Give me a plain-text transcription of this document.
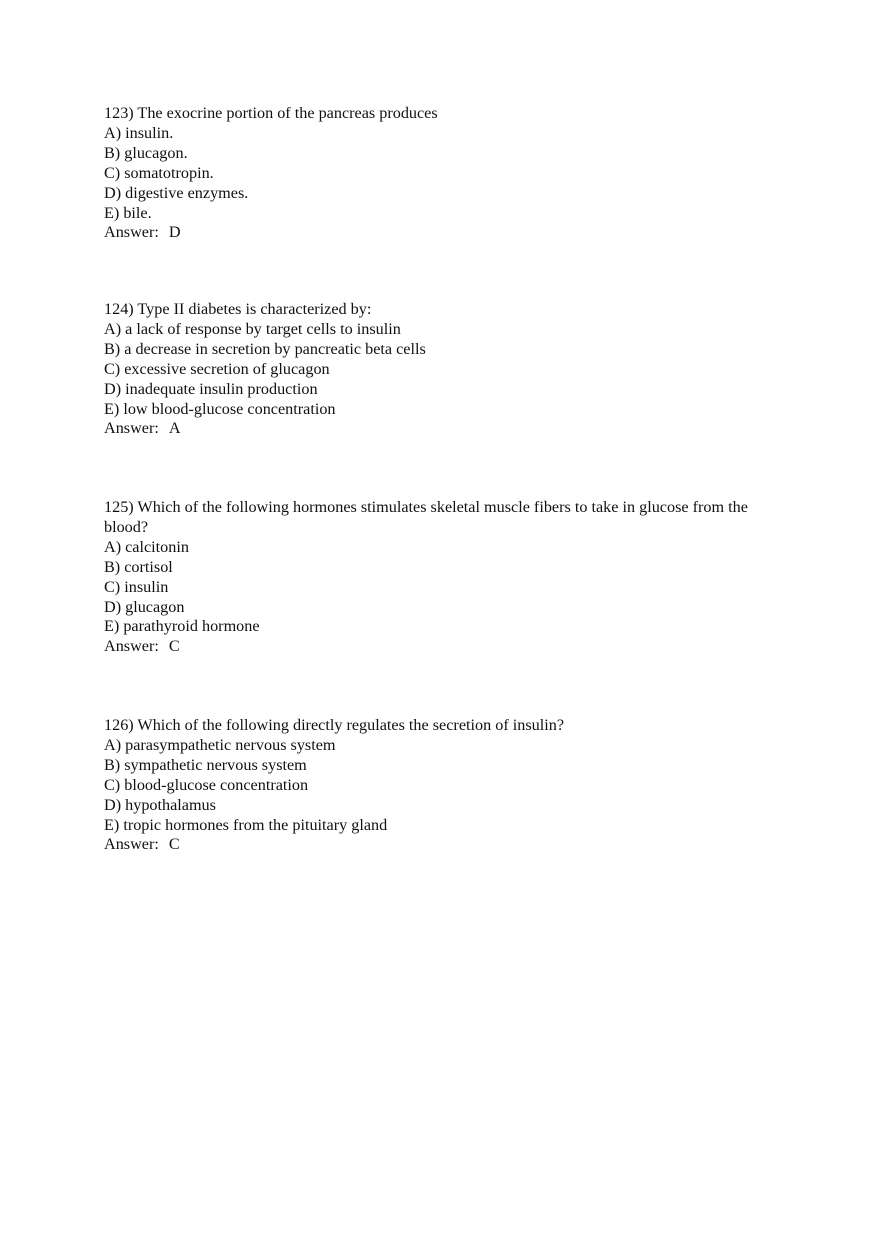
123) The exocrine portion of the pancreas produces
A) insulin.
B) glucagon.
C) somatotropin.
D) digestive enzymes.
E) bile.
Answer: D
124) Type II diabetes is characterized by:
A) a lack of response by target cells to insulin
B) a decrease in secretion by pancreatic beta cells
C) excessive secretion of glucagon
D) inadequate insulin production
E) low blood-glucose concentration
Answer: A
125) Which of the following hormones stimulates skeletal muscle fibers to take in glucose from the blood?
A) calcitonin
B) cortisol
C) insulin
D) glucagon
E) parathyroid hormone
Answer: C
126) Which of the following directly regulates the secretion of insulin?
A) parasympathetic nervous system
B) sympathetic nervous system
C) blood-glucose concentration
D) hypothalamus
E) tropic hormones from the pituitary gland
Answer: C
